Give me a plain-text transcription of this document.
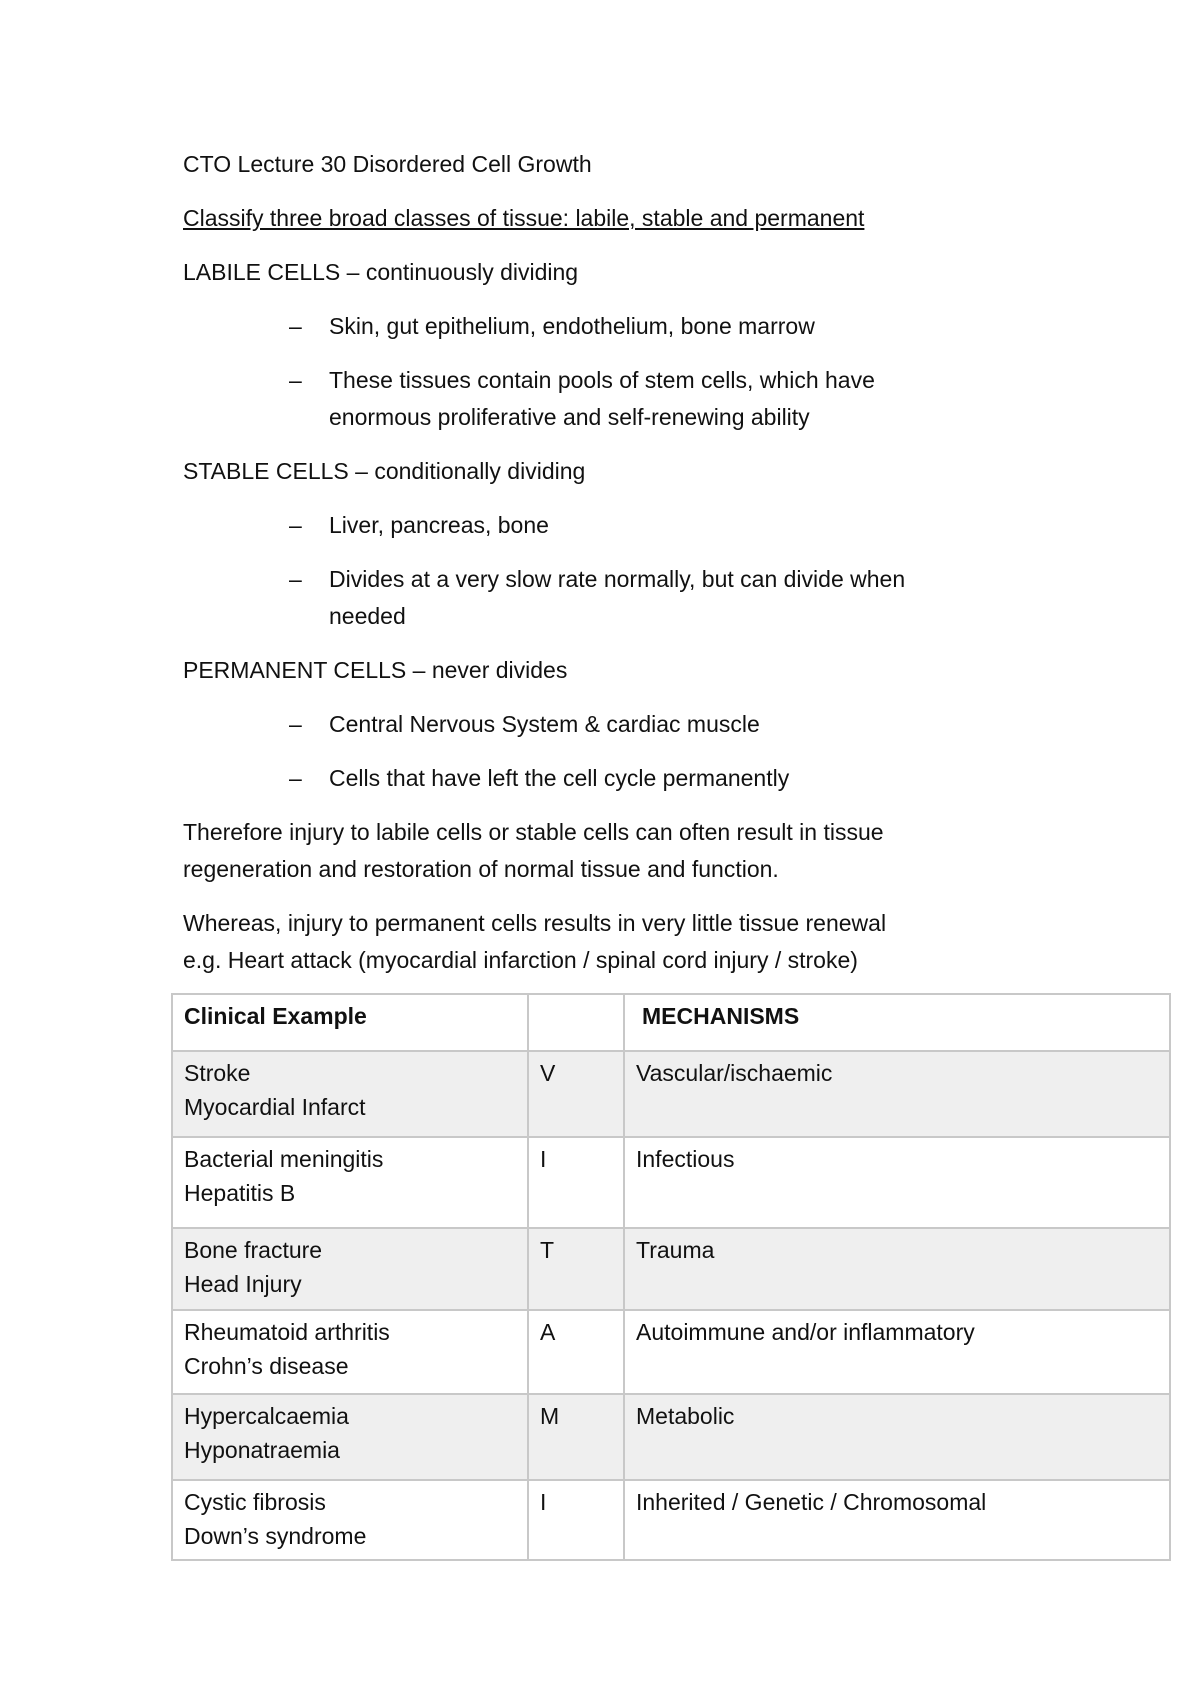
CTO Lecture 30 Disordered Cell Growth
Classify three broad classes of tissue: labile, stable and permanent
LABILE CELLS – continuously dividing
– Skin, gut epithelium, endothelium, bone marrow
– These tissues contain pools of stem cells, which have
enormous proliferative and self-renewing ability
STABLE CELLS – conditionally dividing
– Liver, pancreas, bone
– Divides at a very slow rate normally, but can divide when
needed
PERMANENT CELLS – never divides
– Central Nervous System & cardiac muscle
– Cells that have left the cell cycle permanently
Therefore injury to labile cells or stable cells can often result in tissue
regeneration and restoration of normal tissue and function.
Whereas, injury to permanent cells results in very little tissue renewal
e.g. Heart attack (myocardial infarction / spinal cord injury / stroke)
Clinical Example		MECHANISMS

Stroke
Myocardial Infarct	V	Vascular/ischaemic

Bacterial meningitis
Hepatitis B	I	Infectious

Bone fracture
Head Injury	T	Trauma

Rheumatoid arthritis
Crohn’s disease	A	Autoimmune and/or inflammatory

Hypercalcaemia
Hyponatraemia	M	Metabolic

Cystic fibrosis
Down’s syndrome	I	Inherited / Genetic / Chromosomal
